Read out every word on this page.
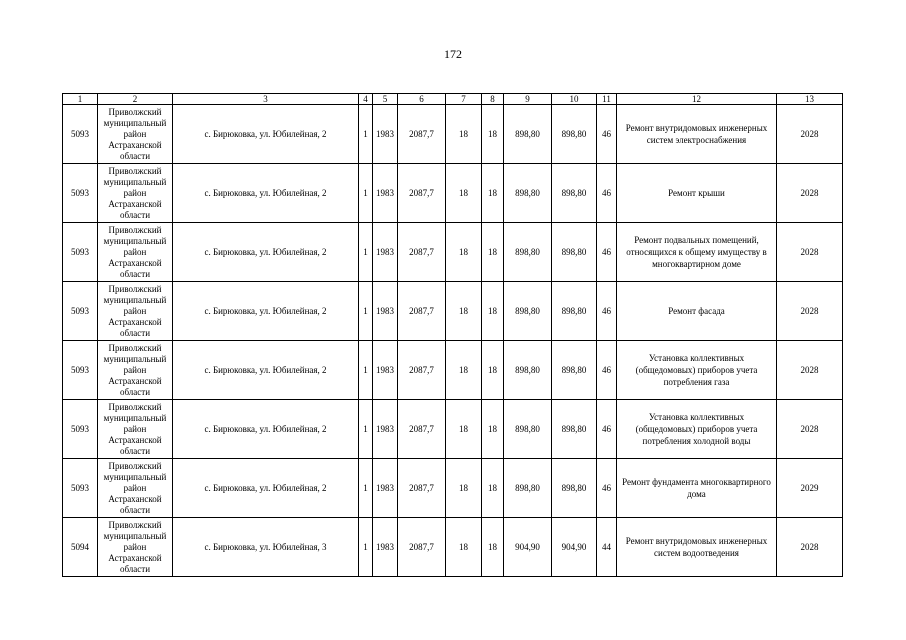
172
1	2	3	4	5	6	7	8	9	10	11	12	13
5093	Приволжский муниципальный район Астраханской области	с. Бирюковка, ул. Юбилейная, 2	1	1983	2087,7	18	18	898,80	898,80	46	Ремонт внутридомовых инженерных систем электроснабжения	2028
5093	Приволжский муниципальный район Астраханской области	с. Бирюковка, ул. Юбилейная, 2	1	1983	2087,7	18	18	898,80	898,80	46	Ремонт крыши	2028
5093	Приволжский муниципальный район Астраханской области	с. Бирюковка, ул. Юбилейная, 2	1	1983	2087,7	18	18	898,80	898,80	46	Ремонт подвальных помещений, относящихся к общему имуществу в многоквартирном доме	2028
5093	Приволжский муниципальный район Астраханской области	с. Бирюковка, ул. Юбилейная, 2	1	1983	2087,7	18	18	898,80	898,80	46	Ремонт фасада	2028
5093	Приволжский муниципальный район Астраханской области	с. Бирюковка, ул. Юбилейная, 2	1	1983	2087,7	18	18	898,80	898,80	46	Установка коллективных (общедомовых) приборов учета потребления газа	2028
5093	Приволжский муниципальный район Астраханской области	с. Бирюковка, ул. Юбилейная, 2	1	1983	2087,7	18	18	898,80	898,80	46	Установка коллективных (общедомовых) приборов учета потребления холодной воды	2028
5093	Приволжский муниципальный район Астраханской области	с. Бирюковка, ул. Юбилейная, 2	1	1983	2087,7	18	18	898,80	898,80	46	Ремонт фундамента многоквартирного дома	2029
5094	Приволжский муниципальный район Астраханской области	с. Бирюковка, ул. Юбилейная, 3	1	1983	2087,7	18	18	904,90	904,90	44	Ремонт внутридомовых инженерных систем водоотведения	2028
